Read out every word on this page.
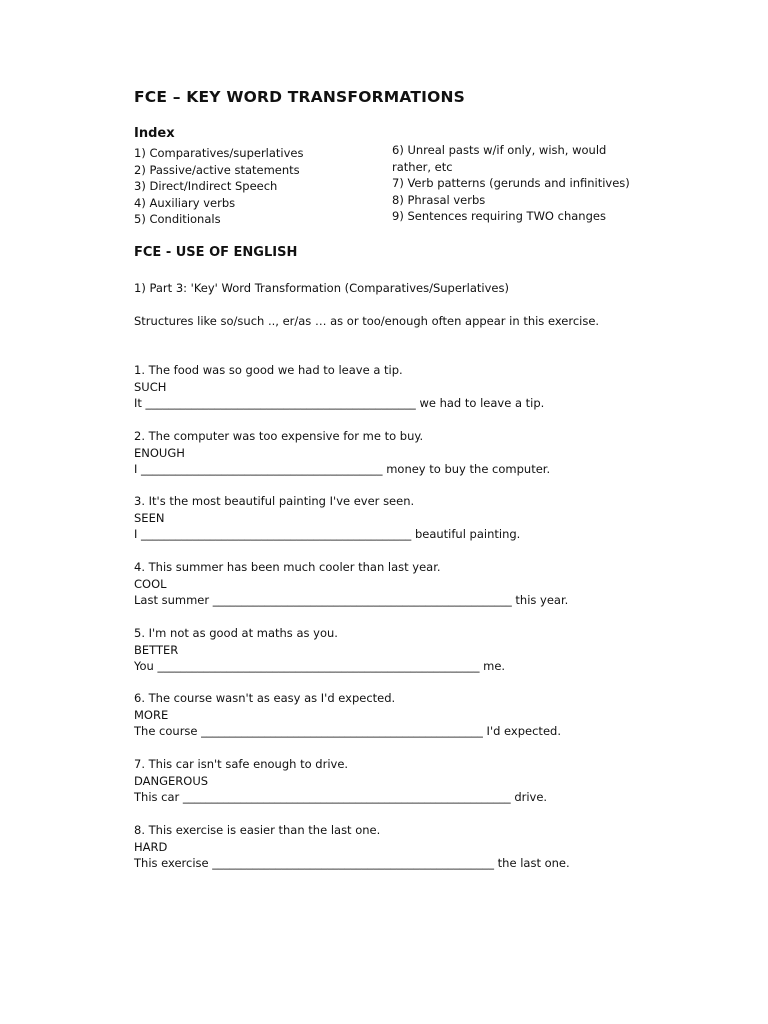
FCE – KEY WORD TRANSFORMATIONS
Index
1) Comparatives/superlatives
2) Passive/active statements
3) Direct/Indirect Speech
4) Auxiliary verbs
5) Conditionals
6) Unreal pasts w/if only, wish, would
rather, etc
7) Verb patterns (gerunds and infinitives)
8) Phrasal verbs
9) Sentences requiring TWO changes
FCE - USE OF ENGLISH
1) Part 3: 'Key' Word Transformation (Comparatives/Superlatives)
Structures like so/such .., er/as … as or too/enough often appear in this exercise.
1. The food was so good we had to leave a tip.
SUCH
It _______________________________________________ we had to leave a tip.
2. The computer was too expensive for me to buy.
ENOUGH
I __________________________________________ money to buy the computer.
3. It's the most beautiful painting I've ever seen.
SEEN
I _______________________________________________ beautiful painting.
4. This summer has been much cooler than last year.
COOL
Last summer ____________________________________________________ this year.
5. I'm not as good at maths as you.
BETTER
You ________________________________________________________ me.
6. The course wasn't as easy as I'd expected.
MORE
The course _________________________________________________ I'd expected.
7. This car isn't safe enough to drive.
DANGEROUS
This car _________________________________________________________ drive.
8. This exercise is easier than the last one.
HARD
This exercise _________________________________________________ the last one.
